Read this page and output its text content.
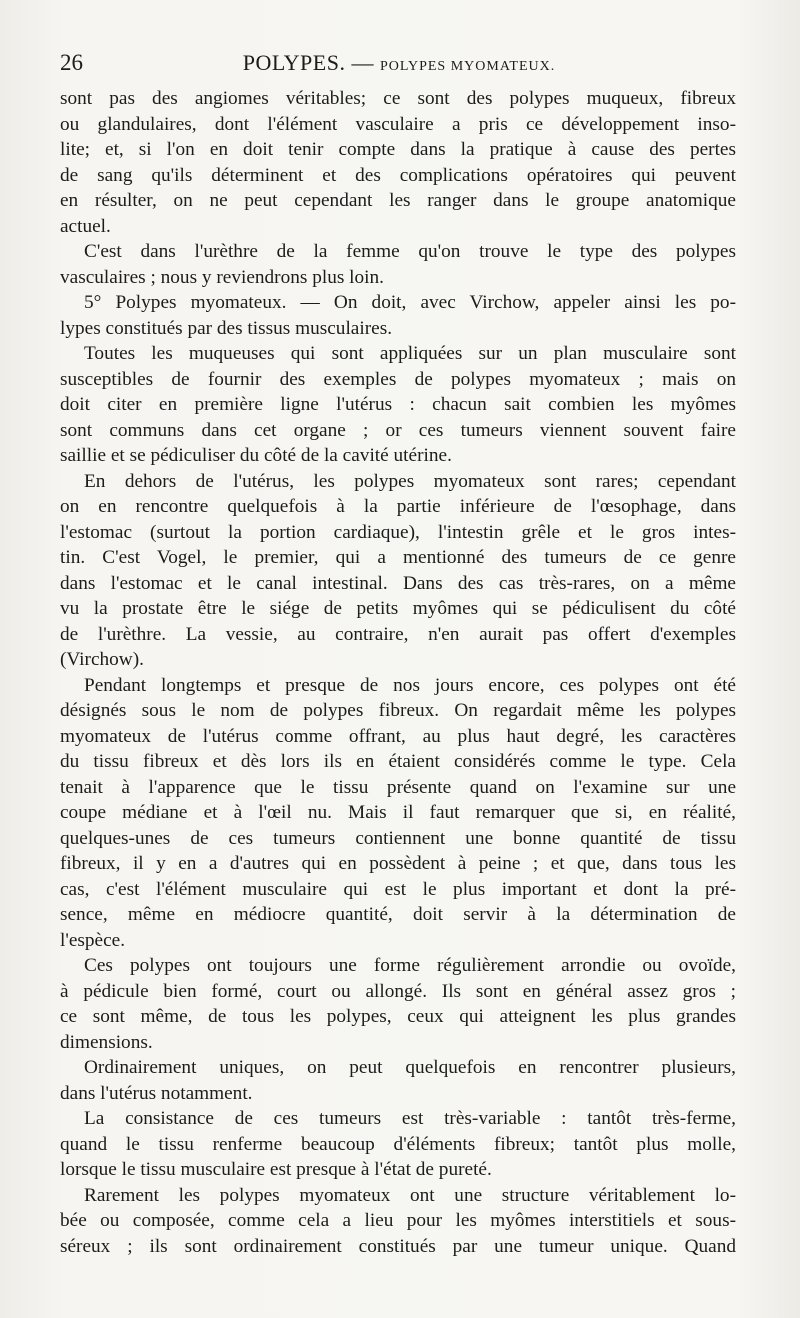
26	POLYPES. — POLYPES MYOMATEUX.
sont pas des angiomes véritables; ce sont des polypes muqueux, fibreux
ou glandulaires, dont l'élément vasculaire a pris ce développement inso-
lite; et, si l'on en doit tenir compte dans la pratique à cause des pertes
de sang qu'ils déterminent et des complications opératoires qui peuvent
en résulter, on ne peut cependant les ranger dans le groupe anatomique
actuel.
C'est dans l'urèthre de la femme qu'on trouve le type des polypes
vasculaires ; nous y reviendrons plus loin.
5° Polypes myomateux. — On doit, avec Virchow, appeler ainsi les po-
lypes constitués par des tissus musculaires.
Toutes les muqueuses qui sont appliquées sur un plan musculaire sont
susceptibles de fournir des exemples de polypes myomateux ; mais on
doit citer en première ligne l'utérus : chacun sait combien les myômes
sont communs dans cet organe ; or ces tumeurs viennent souvent faire
saillie et se pédiculiser du côté de la cavité utérine.
En dehors de l'utérus, les polypes myomateux sont rares; cependant
on en rencontre quelquefois à la partie inférieure de l'œsophage, dans
l'estomac (surtout la portion cardiaque), l'intestin grêle et le gros intes-
tin. C'est Vogel, le premier, qui a mentionné des tumeurs de ce genre
dans l'estomac et le canal intestinal. Dans des cas très-rares, on a même
vu la prostate être le siége de petits myômes qui se pédiculisent du côté
de l'urèthre. La vessie, au contraire, n'en aurait pas offert d'exemples
(Virchow).
Pendant longtemps et presque de nos jours encore, ces polypes ont été
désignés sous le nom de polypes fibreux. On regardait même les polypes
myomateux de l'utérus comme offrant, au plus haut degré, les caractères
du tissu fibreux et dès lors ils en étaient considérés comme le type. Cela
tenait à l'apparence que le tissu présente quand on l'examine sur une
coupe médiane et à l'œil nu. Mais il faut remarquer que si, en réalité,
quelques-unes de ces tumeurs contiennent une bonne quantité de tissu
fibreux, il y en a d'autres qui en possèdent à peine ; et que, dans tous les
cas, c'est l'élément musculaire qui est le plus important et dont la pré-
sence, même en médiocre quantité, doit servir à la détermination de
l'espèce.
Ces polypes ont toujours une forme régulièrement arrondie ou ovoïde,
à pédicule bien formé, court ou allongé. Ils sont en général assez gros ;
ce sont même, de tous les polypes, ceux qui atteignent les plus grandes
dimensions.
Ordinairement uniques, on peut quelquefois en rencontrer plusieurs,
dans l'utérus notamment.
La consistance de ces tumeurs est très-variable : tantôt très-ferme,
quand le tissu renferme beaucoup d'éléments fibreux; tantôt plus molle,
lorsque le tissu musculaire est presque à l'état de pureté.
Rarement les polypes myomateux ont une structure véritablement lo-
bée ou composée, comme cela a lieu pour les myômes interstitiels et sous-
séreux ; ils sont ordinairement constitués par une tumeur unique. Quand
